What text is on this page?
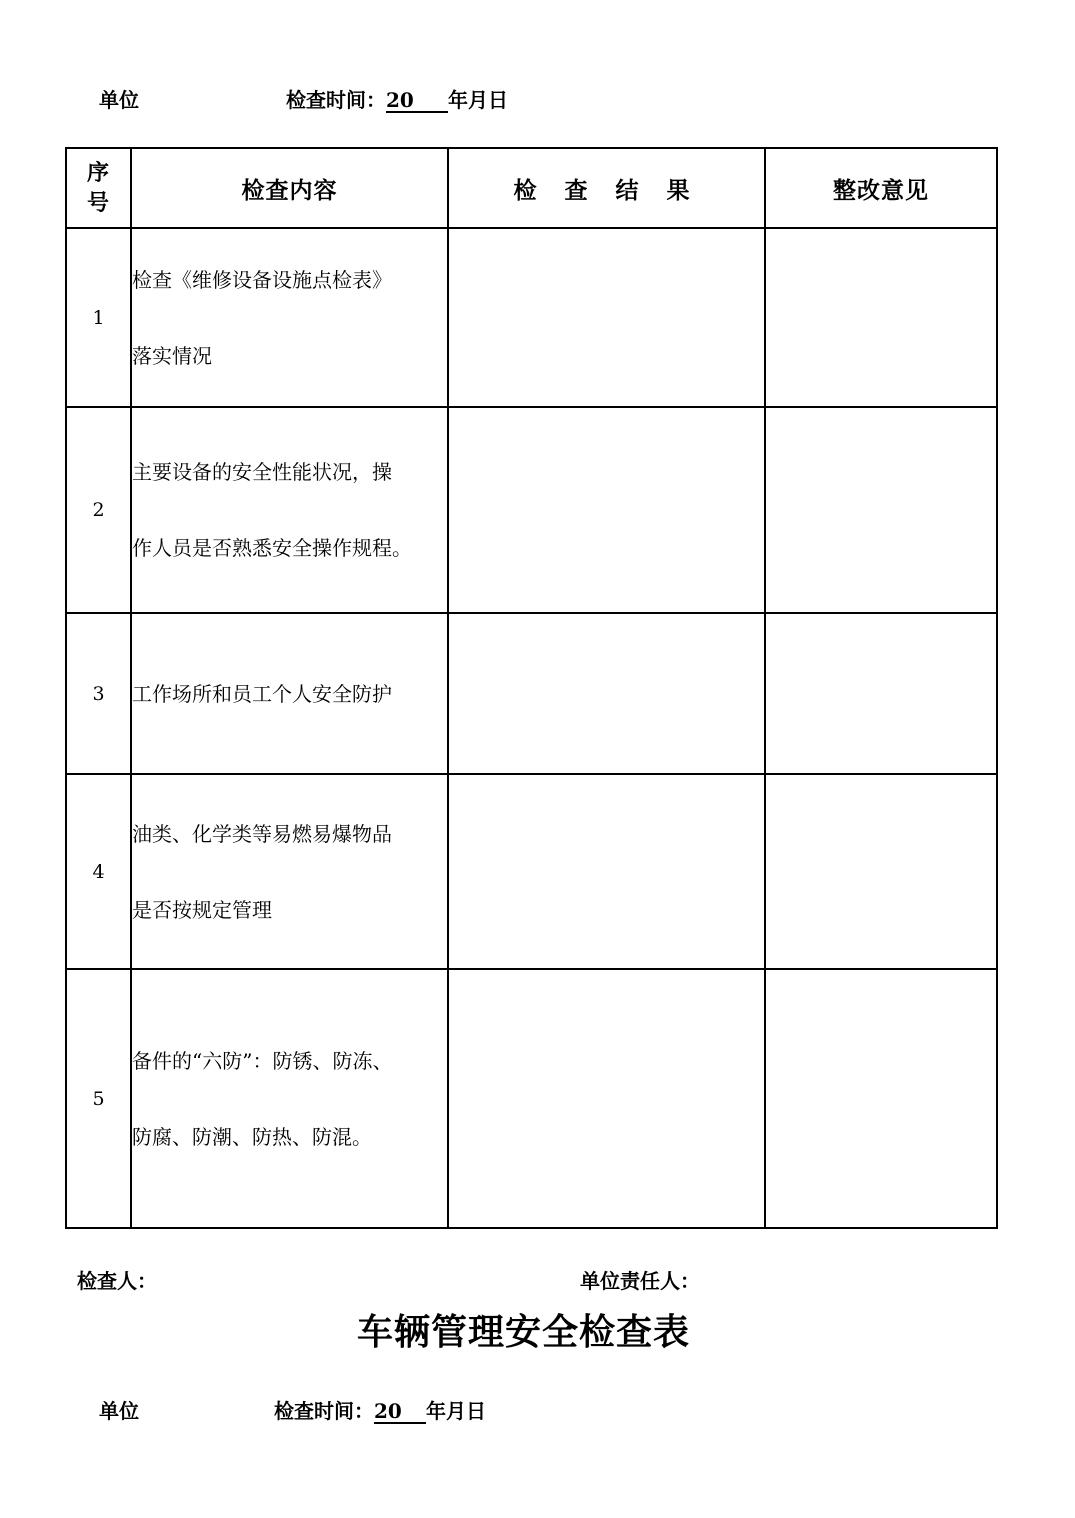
单位	检查时间：20 年月日
序
号	检查内容	检 查 结 果	整改意见
1	检查《维修设备设施点检表》
落实情况		

2	主要设备的安全性能状况，操
作人员是否熟悉安全操作规程。		

3	工作场所和员工个人安全防护		

4	油类、化学类等易燃易爆物品
是否按规定管理		

5	备件的“六防”：防锈、防冻、
防腐、防潮、防热、防混。		

检查人：	单位责任人：
车辆管理安全检查表
单位	检查时间：20 年月日
